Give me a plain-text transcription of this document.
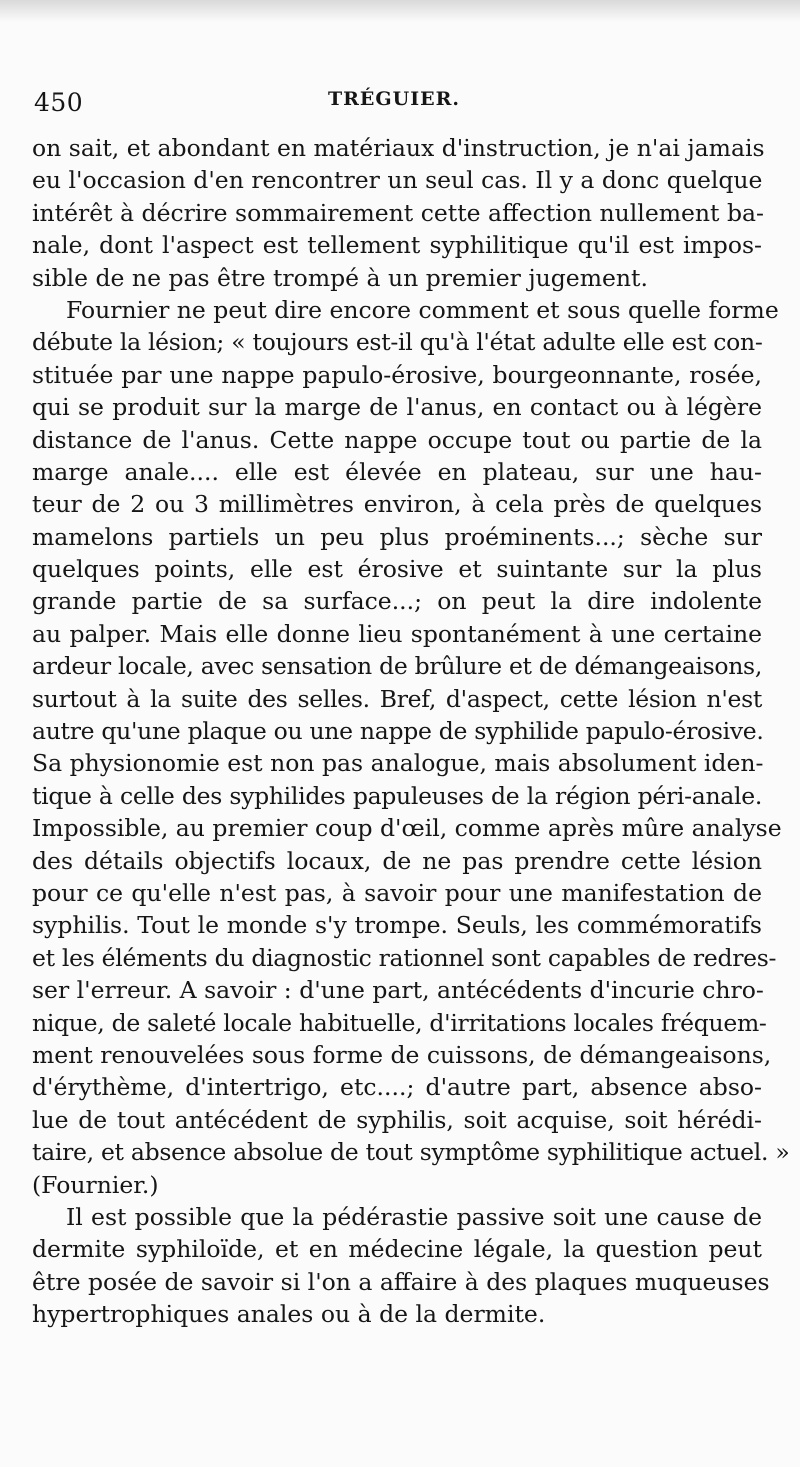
450	TRÉGUIER.
on sait, et abondant en matériaux d'instruction, je n'ai jamais
eu l'occasion d'en rencontrer un seul cas. Il y a donc quelque
intérêt à décrire sommairement cette affection nullement ba-
nale, dont l'aspect est tellement syphilitique qu'il est impos-
sible de ne pas être trompé à un premier jugement.
Fournier ne peut dire encore comment et sous quelle forme
débute la lésion; « toujours est-il qu'à l'état adulte elle est con-
stituée par une nappe papulo-érosive, bourgeonnante, rosée,
qui se produit sur la marge de l'anus, en contact ou à légère
distance de l'anus. Cette nappe occupe tout ou partie de la
marge anale.... elle est élevée en plateau, sur une hau-
teur de 2 ou 3 millimètres environ, à cela près de quelques
mamelons partiels un peu plus proéminents...; sèche sur
quelques points, elle est érosive et suintante sur la plus
grande partie de sa surface...; on peut la dire indolente
au palper. Mais elle donne lieu spontanément à une certaine
ardeur locale, avec sensation de brûlure et de démangeaisons,
surtout à la suite des selles. Bref, d'aspect, cette lésion n'est
autre qu'une plaque ou une nappe de syphilide papulo-érosive.
Sa physionomie est non pas analogue, mais absolument iden-
tique à celle des syphilides papuleuses de la région péri-anale.
Impossible, au premier coup d'œil, comme après mûre analyse
des détails objectifs locaux, de ne pas prendre cette lésion
pour ce qu'elle n'est pas, à savoir pour une manifestation de
syphilis. Tout le monde s'y trompe. Seuls, les commémoratifs
et les éléments du diagnostic rationnel sont capables de redres-
ser l'erreur. A savoir : d'une part, antécédents d'incurie chro-
nique, de saleté locale habituelle, d'irritations locales fréquem-
ment renouvelées sous forme de cuissons, de démangeaisons,
d'érythème, d'intertrigo, etc....; d'autre part, absence abso-
lue de tout antécédent de syphilis, soit acquise, soit hérédi-
taire, et absence absolue de tout symptôme syphilitique actuel. »
(Fournier.)
Il est possible que la pédérastie passive soit une cause de
dermite syphiloïde, et en médecine légale, la question peut
être posée de savoir si l'on a affaire à des plaques muqueuses
hypertrophiques anales ou à de la dermite.
